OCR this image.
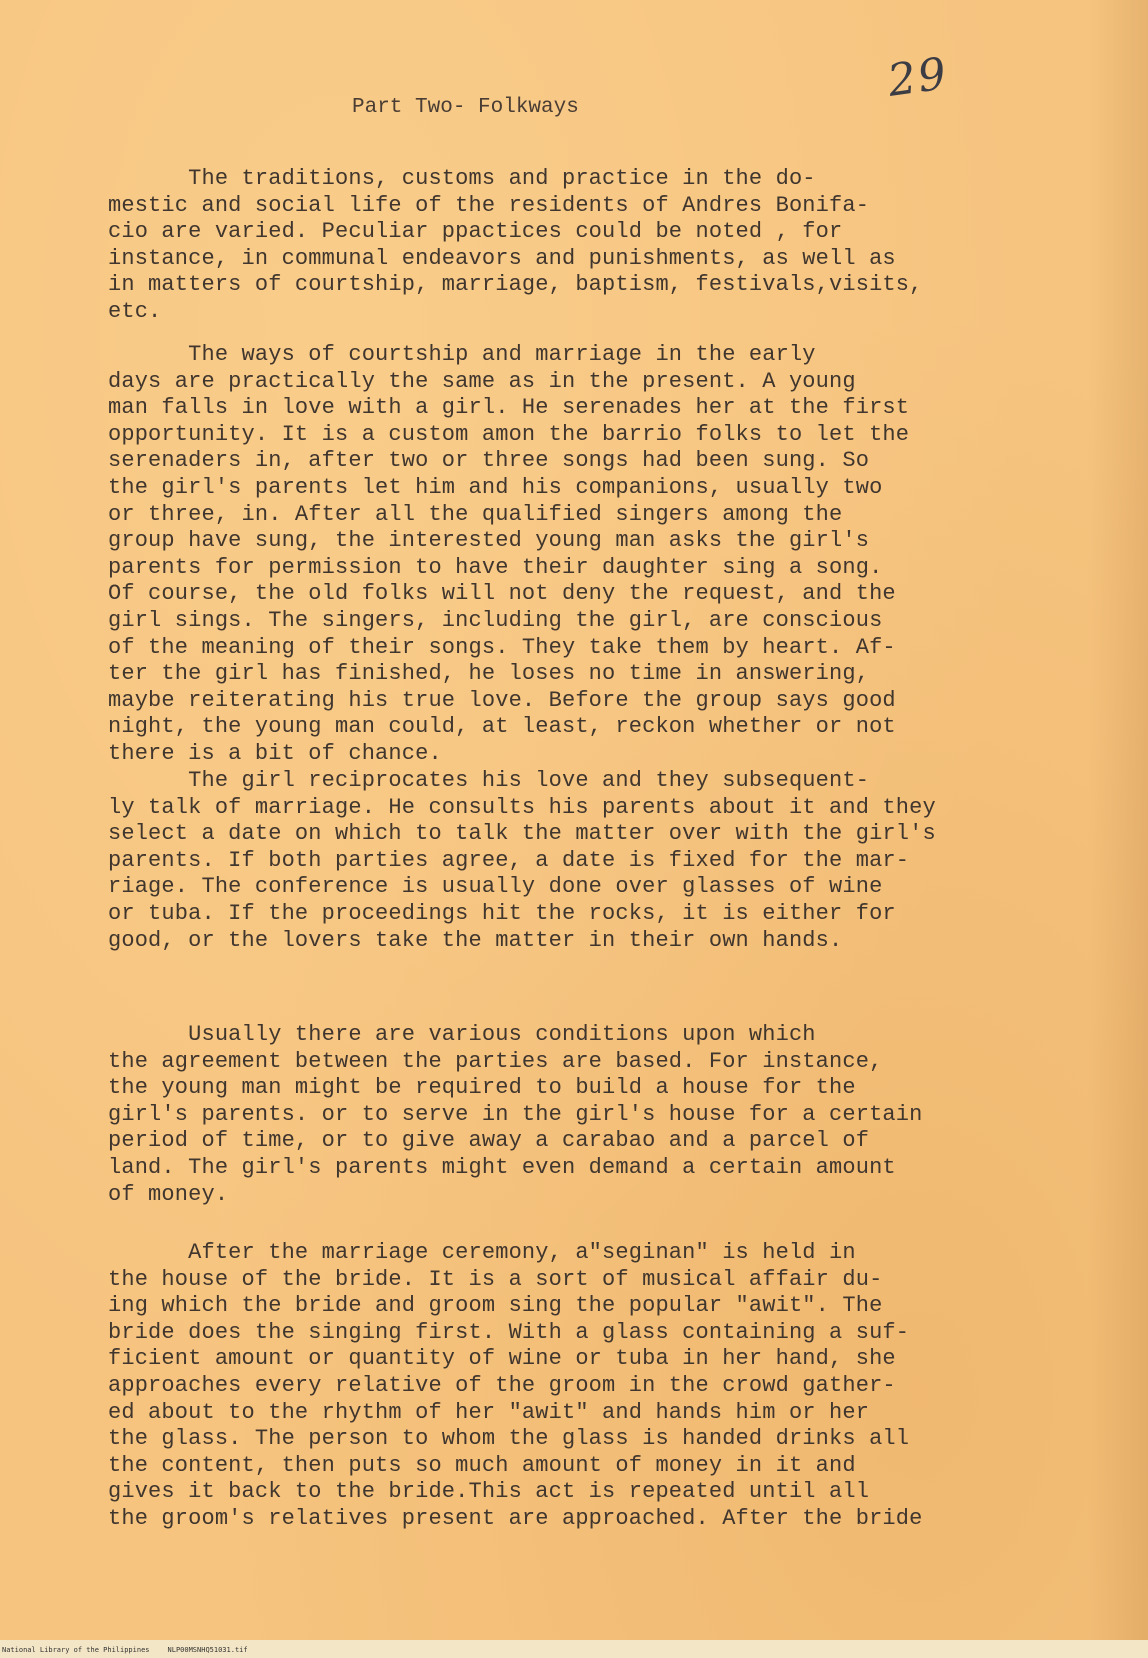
29
Part Two- Folkways

The traditions, customs and practice in the do-
mestic and social life of the residents of Andres Bonifa-
cio are varied. Peculiar ppactices could be noted , for
instance, in communal endeavors and punishments, as well as
in matters of courtship, marriage, baptism, festivals,visits,
etc.

The ways of courtship and marriage in the early
days are practically the same as in the present. A young
man falls in love with a girl. He serenades her at the first
opportunity. It is a custom amon the barrio folks to let the
serenaders in, after two or three songs had been sung. So
the girl's parents let him and his companions, usually two
or three, in. After all the qualified singers among the
group have sung, the interested young man asks the girl's
parents for permission to have their daughter sing a song.
Of course, the old folks will not deny the request, and the
girl sings. The singers, including the girl, are conscious
of the meaning of their songs. They take them by heart. Af-
ter the girl has finished, he loses no time in answering,
maybe reiterating his true love. Before the group says good
night, the young man could, at least, reckon whether or not
there is a bit of chance.

The girl reciprocates his love and they subsequent-
ly talk of marriage. He consults his parents about it and they
select a date on which to talk the matter over with the girl's
parents. If both parties agree, a date is fixed for the mar-
riage. The conference is usually done over glasses of wine
or tuba. If the proceedings hit the rocks, it is either for
good, or the lovers take the matter in their own hands.

Usually there are various conditions upon which
the agreement between the parties are based. For instance,
the young man might be required to build a house for the
girl's parents. or to serve in the girl's house for a certain
period of time, or to give away a carabao and a parcel of
land. The girl's parents might even demand a certain amount
of money.

After the marriage ceremony, a"seginan" is held in
the house of the bride. It is a sort of musical affair du-
ing which the bride and groom sing the popular "awit". The
bride does the singing first. With a glass containing a suf-
ficient amount or quantity of wine or tuba in her hand, she
approaches every relative of the groom in the crowd gather-
ed about to the rhythm of her "awit" and hands him or her
the glass. The person to whom the glass is handed drinks all
the content, then puts so much amount of money in it and
gives it back to the bride.This act is repeated until all
the groom's relatives present are approached. After the bride

National Library of the Philippines	NLP00MSNHQ51031.tif
